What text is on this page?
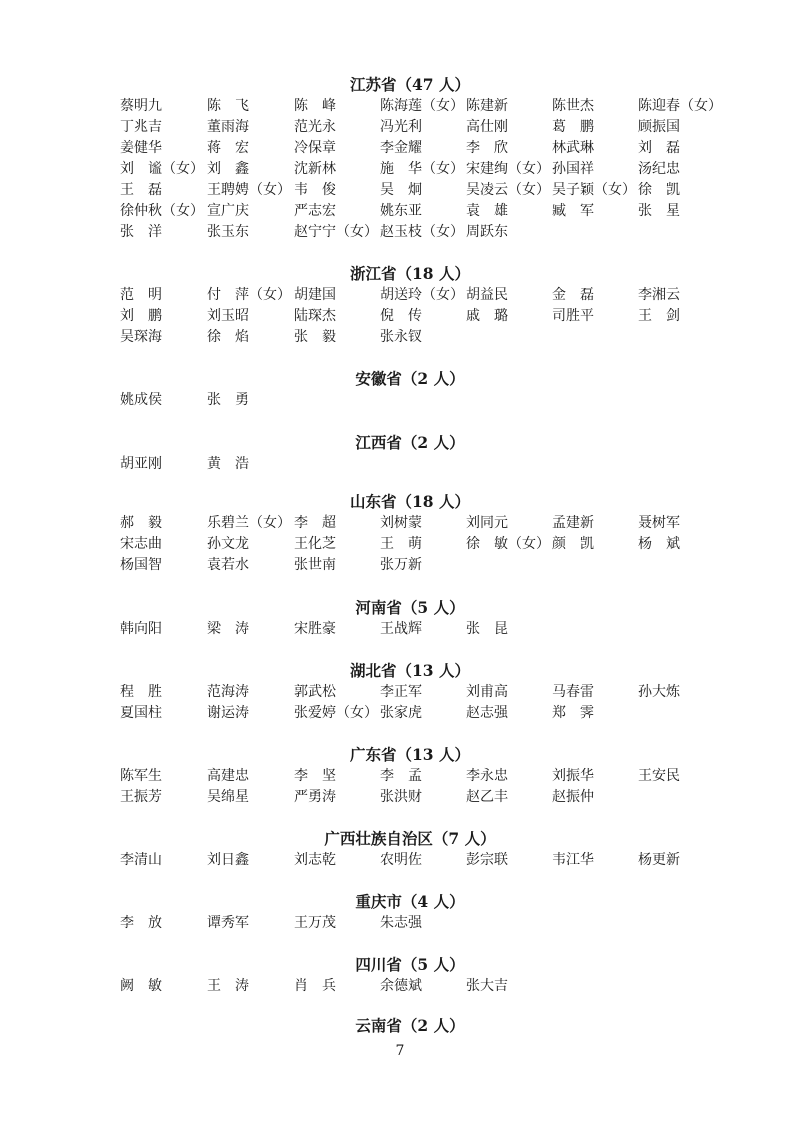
江苏省（47 人）
蔡明九	陈　飞	陈　峰	陈海莲（女） 陈建新	陈世杰	陈迎春（女）
丁兆吉	董雨海	范光永	冯光利	高仕刚	葛　鹏	顾振国
姜健华	蒋　宏	冷保章	李金耀	李　欣	林武琳	刘　磊
刘　谧（女） 刘　鑫	沈新林	施　华（女） 宋建绚（女） 孙国祥	汤纪忠
王　磊	王聘娉（女） 韦　俊	吴　炯	吴凌云（女） 吴子颖（女） 徐　凯
徐仲秋（女） 宣广庆	严志宏	姚东亚	袁　雄	臧　军	张　星
张　洋	张玉东	赵宁宁（女） 赵玉枝（女） 周跃东
浙江省（18 人）
范　明	付　萍（女） 胡建国	胡送玲（女） 胡益民	金　磊	李湘云
刘　鹏	刘玉昭	陆琛杰	倪　传	戚　璐	司胜平	王　剑
吴琛海	徐　焰	张　毅	张永钗
安徽省（2 人）
姚成侯	张　勇
江西省（2 人）
胡亚刚	黄　浩
山东省（18 人）
郝　毅	乐碧兰（女） 李　超	刘树蒙	刘同元	孟建新	聂树军
宋志曲	孙文龙	王化芝	王　萌	徐　敏（女） 颜　凯	杨　斌
杨国智	袁若水	张世南	张万新
河南省（5 人）
韩向阳	梁　涛	宋胜豪	王战辉	张　昆
湖北省（13 人）
程　胜	范海涛	郭武松	李正军	刘甫高	马春雷	孙大炼
夏国柱	谢运涛	张爱婷（女） 张家虎	赵志强	郑　霁
广东省（13 人）
陈军生	高建忠	李　坚	李　孟	李永忠	刘振华	王安民
王振芳	吴绵星	严勇涛	张洪财	赵乙丰	赵振仲
广西壮族自治区（7 人）
李清山	刘日鑫	刘志乾	农明佐	彭宗联	韦江华	杨更新
重庆市（4 人）
李　放	谭秀军	王万茂	朱志强
四川省（5 人）
阙　敏	王　涛	肖　兵	余德斌	张大吉
云南省（2 人）
7
